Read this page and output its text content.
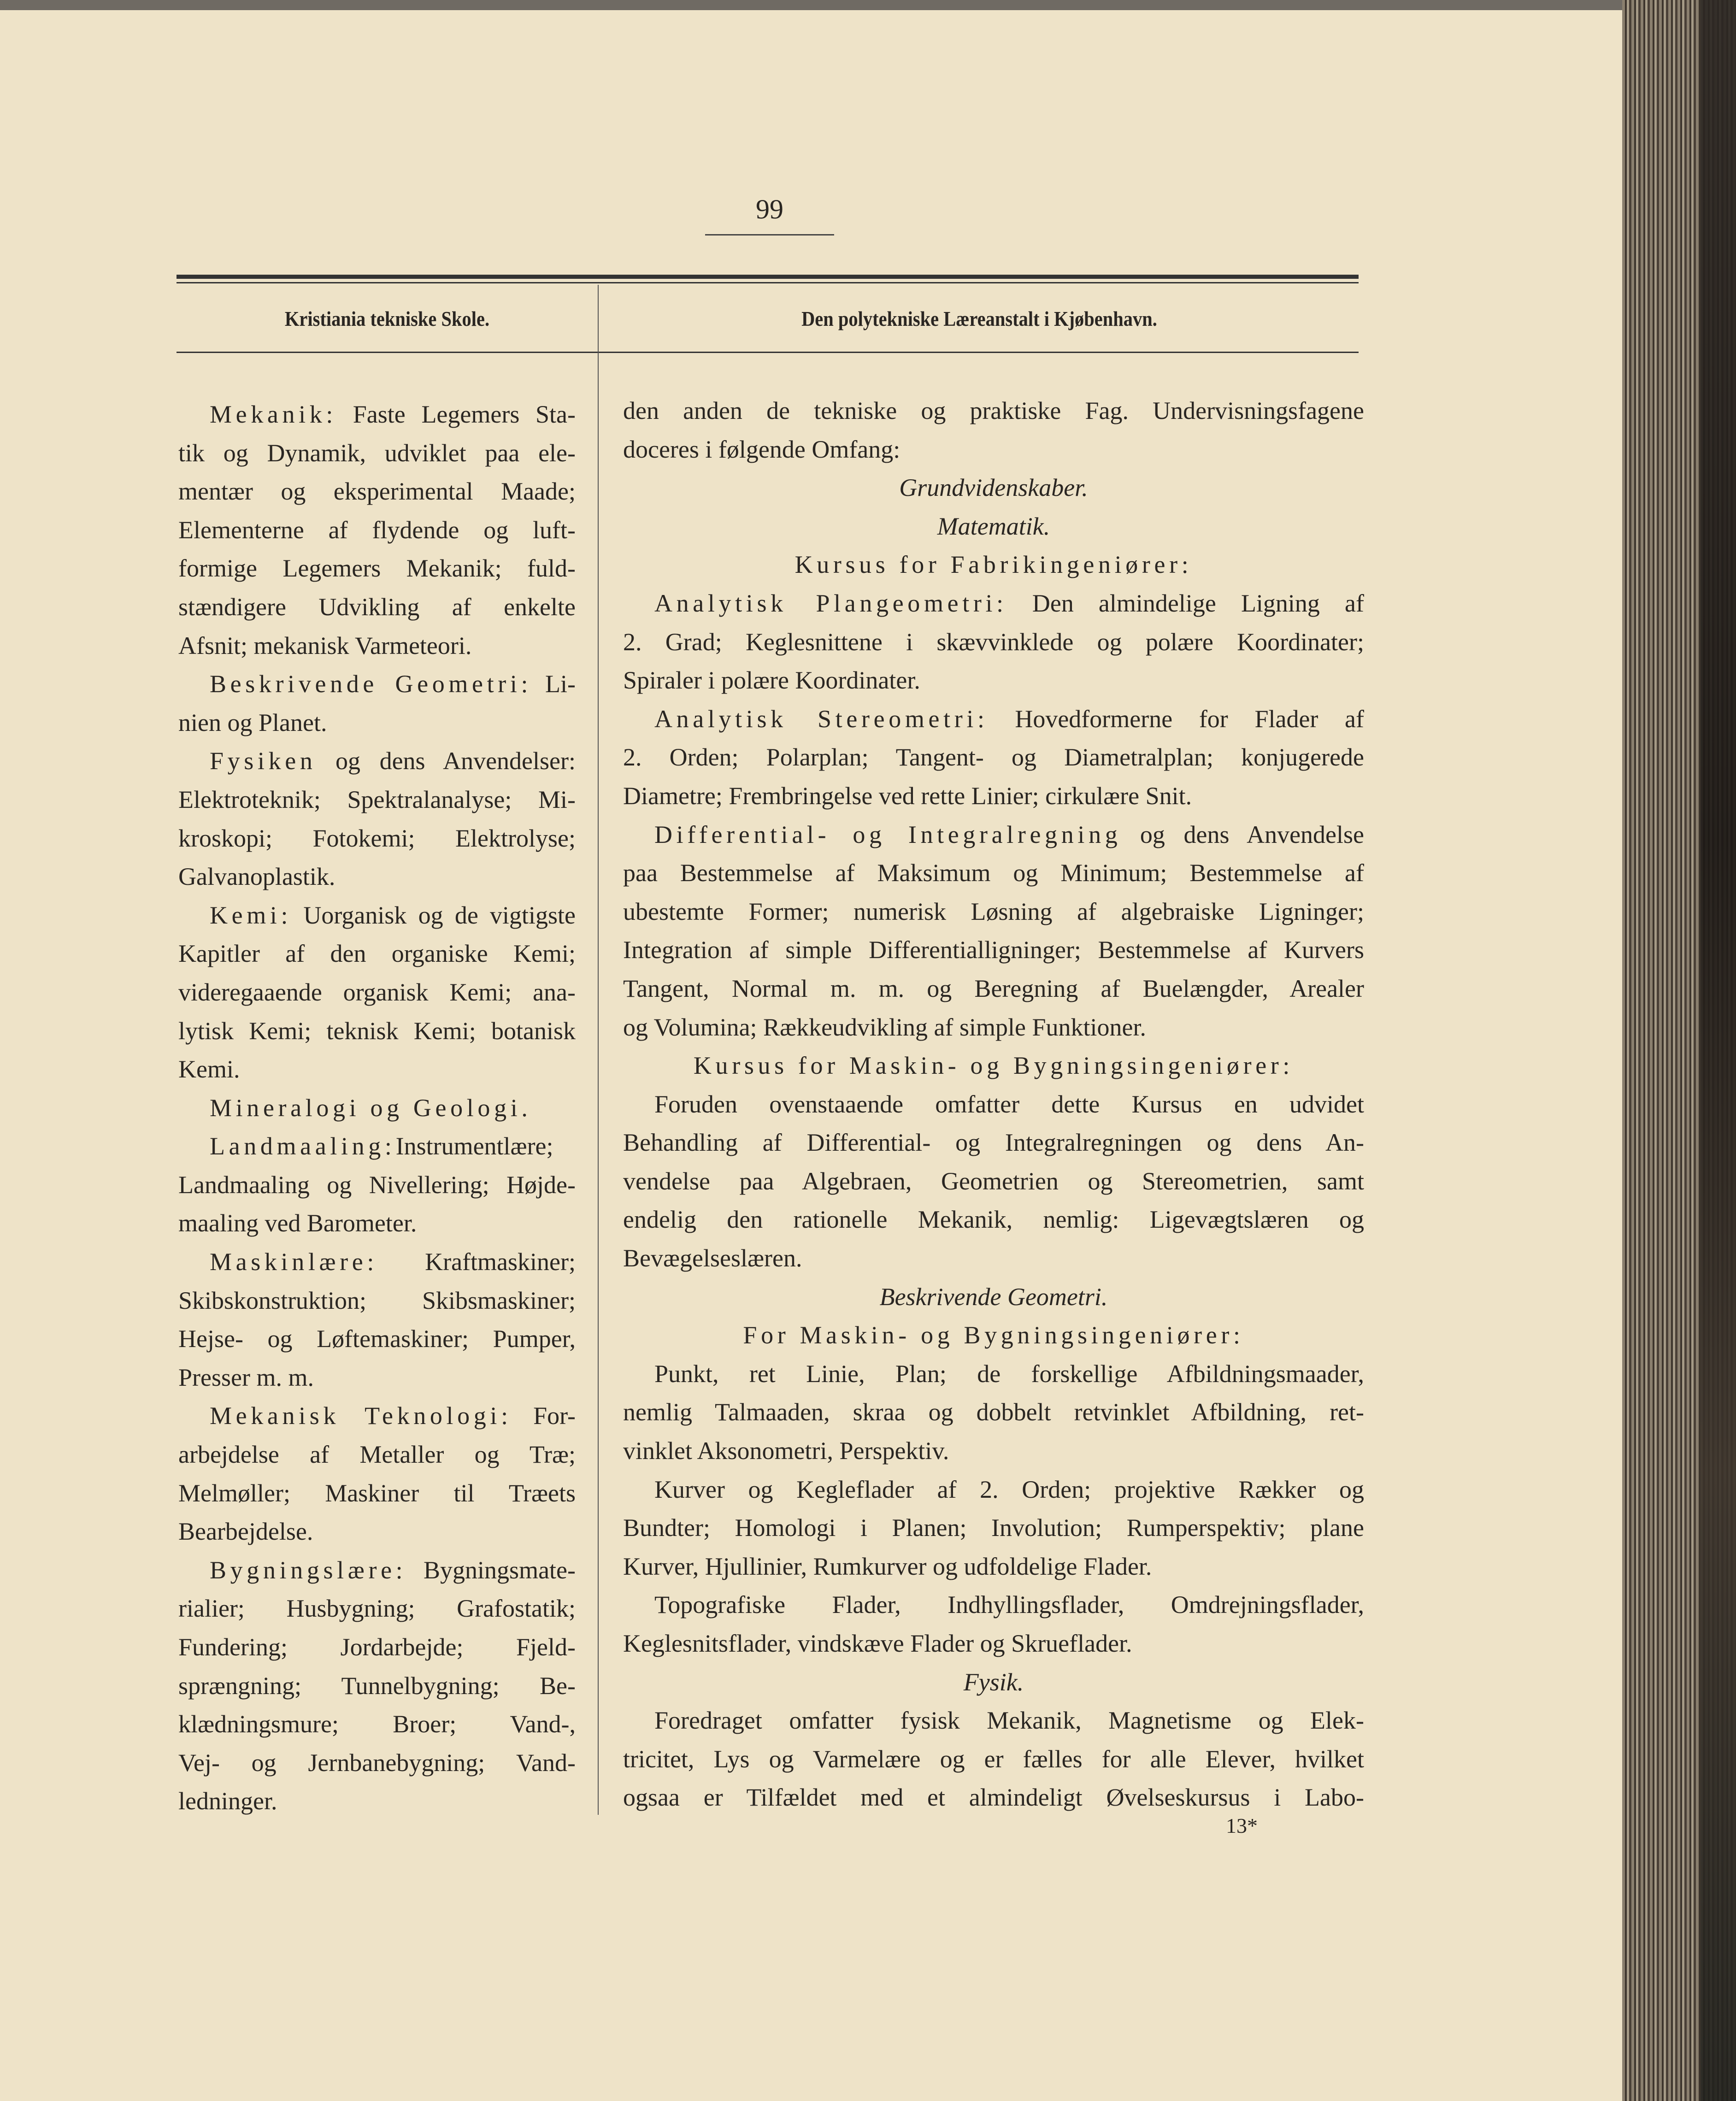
99
Kristiania tekniske Skole.	Den polytekniske Læreanstalt i Kjøbenhavn.
Mekanik: Faste Legemers Sta-
tik og Dynamik, udviklet paa ele-
mentær og eksperimental Maade;
Elementerne af flydende og luft-
formige Legemers Mekanik; fuld-
stændigere Udvikling af enkelte
Afsnit; mekanisk Varmeteori.
Beskrivende Geometri: Li-
nien og Planet.
Fysiken og dens Anvendelser:
Elektroteknik; Spektralanalyse; Mi-
kroskopi; Fotokemi; Elektrolyse;
Galvanoplastik.
Kemi: Uorganisk og de vigtigste
Kapitler af den organiske Kemi;
videregaaende organisk Kemi; ana-
lytisk Kemi; teknisk Kemi; botanisk
Kemi.
Mineralogi og Geologi.
Landmaaling:Instrumentlære;
Landmaaling og Nivellering; Højde-
maaling ved Barometer.
Maskinlære: Kraftmaskiner;
Skibskonstruktion; Skibsmaskiner;
Hejse- og Løftemaskiner; Pumper,
Presser m. m.
Mekanisk Teknologi: For-
arbejdelse af Metaller og Træ;
Melmøller; Maskiner til Træets
Bearbejdelse.
Bygningslære: Bygningsmate-
rialier; Husbygning; Grafostatik;
Fundering; Jordarbejde; Fjeld-
sprængning; Tunnelbygning; Be-
klædningsmure; Broer; Vand-,
Vej- og Jernbanebygning; Vand-
ledninger.
den anden de tekniske og praktiske Fag. Undervisningsfagene
doceres i følgende Omfang:
Grundvidenskaber.
Matematik.
Kursus for Fabrikingeniører:
Analytisk Plangeometri: Den almindelige Ligning af
2. Grad; Keglesnittene i skævvinklede og polære Koordinater;
Spiraler i polære Koordinater.
Analytisk Stereometri: Hovedformerne for Flader af
2. Orden; Polarplan; Tangent- og Diametralplan; konjugerede
Diametre; Frembringelse ved rette Linier; cirkulære Snit.
Differential- og Integralregning og dens Anvendelse
paa Bestemmelse af Maksimum og Minimum; Bestemmelse af
ubestemte Former; numerisk Løsning af algebraiske Ligninger;
Integration af simple Differentialligninger; Bestemmelse af Kurvers
Tangent, Normal m. m. og Beregning af Buelængder, Arealer
og Volumina; Rækkeudvikling af simple Funktioner.
Kursus for Maskin- og Bygningsingeniører:
Foruden ovenstaaende omfatter dette Kursus en udvidet
Behandling af Differential- og Integralregningen og dens An-
vendelse paa Algebraen, Geometrien og Stereometrien, samt
endelig den rationelle Mekanik, nemlig: Ligevægtslæren og
Bevægelseslæren.
Beskrivende Geometri.
For Maskin- og Bygningsingeniører:
Punkt, ret Linie, Plan; de forskellige Afbildningsmaader,
nemlig Talmaaden, skraa og dobbelt retvinklet Afbildning, ret-
vinklet Aksonometri, Perspektiv.
Kurver og Kegleflader af 2. Orden; projektive Rækker og
Bundter; Homologi i Planen; Involution; Rumperspektiv; plane
Kurver, Hjullinier, Rumkurver og udfoldelige Flader.
Topografiske Flader, Indhyllingsflader, Omdrejningsflader,
Keglesnitsflader, vindskæve Flader og Skrueflader.
Fysik.
Foredraget omfatter fysisk Mekanik, Magnetisme og Elek-
tricitet, Lys og Varmelære og er fælles for alle Elever, hvilket
ogsaa er Tilfældet med et almindeligt Øvelseskursus i Labo-
13*
